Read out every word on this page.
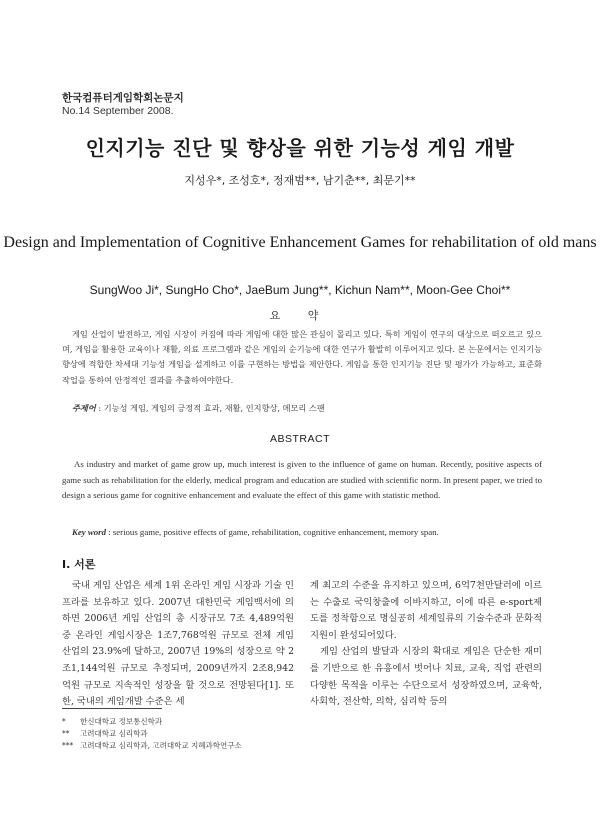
한국컴퓨터게임학회논문지
No.14 September 2008.
인지기능 진단 및 향상을 위한 기능성 게임 개발
지성우*, 조성호*, 정재범**, 남기춘**, 최문기**
Design and Implementation of Cognitive Enhancement Games for rehabilitation of old mans
SungWoo Ji*, SungHo Cho*, JaeBum Jung**, Kichun Nam**, Moon-Gee Choi**
요 약
게임 산업이 발전하고, 게임 시장이 커짐에 따라 게임에 대한 많은 관심이 몰리고 있다. 특히 게임이 연구의 대상으로 떠오르고 있으며, 게임을 활용한 교육이나 재활, 의료 프로그램과 같은 게임의 순기능에 대한 연구가 활발히 이루어지고 있다. 본 논문에서는 인지기능 향상에 적합한 차세대 기능성 게임을 설계하고 이를 구현하는 방법을 제안한다. 게임을 통한 인지기능 진단 및 평가가 가능하고, 표준화 작업을 통하여 안정적인 결과를 추출하여야한다.
주제어 : 기능성 게임, 게임의 긍정적 효과, 재활, 인지향상, 메모리 스팬
ABSTRACT
As industry and market of game grow up, much interest is given to the influence of game on human. Recently, positive aspects of game such as rehabilitation for the elderly, medical program and education are studied with scientific norm. In present paper, we tried to design a serious game for cognitive enhancement and evaluate the effect of this game with statistic method.
Key word : serious game, positive effects of game, rehabilitation, cognitive enhancement, memory span.
Ⅰ. 서론

국내 게임 산업은 세계 1위 온라인 게임 시장과 기술 인프라를 보유하고 있다. 2007년 대한민국 게임백서에 의하면 2006년 게임 산업의 총 시장규모 7조 4,489억원 중 온라인 게임시장은 1조7,768억원 규모로 전체 게임 산업의 23.9%에 달하고, 2007년 19%의 성장으로 약 2조1,144억원 규모로 추정되며, 2009년까지 2조8,942억원 규모로 지속적인 성장을 할 것으로 전망된다[1]. 또한, 국내의 게임개발 수준은 세

계 최고의 수준을 유지하고 있으며, 6억7천만달러에 이르는 수출로 국익창출에 이바지하고, 이에 따른 e-sport제도를 정착함으로 명실공히 세계일류의 기술수준과 문화적 지원이 완성되어있다.

게임 산업의 발달과 시장의 확대로 게임은 단순한 재미를 기반으로 한 유흥에서 벗어나 치료, 교육, 직업 관련의 다양한 목적을 이루는 수단으로서 성장하였으며, 교육학, 사회학, 전산학, 의학, 심리학 등의

* 한신대학교 정보통신학과
** 고려대학교 심리학과
*** 고려대학교 심리학과, 고려대학교 지혜과학연구소
